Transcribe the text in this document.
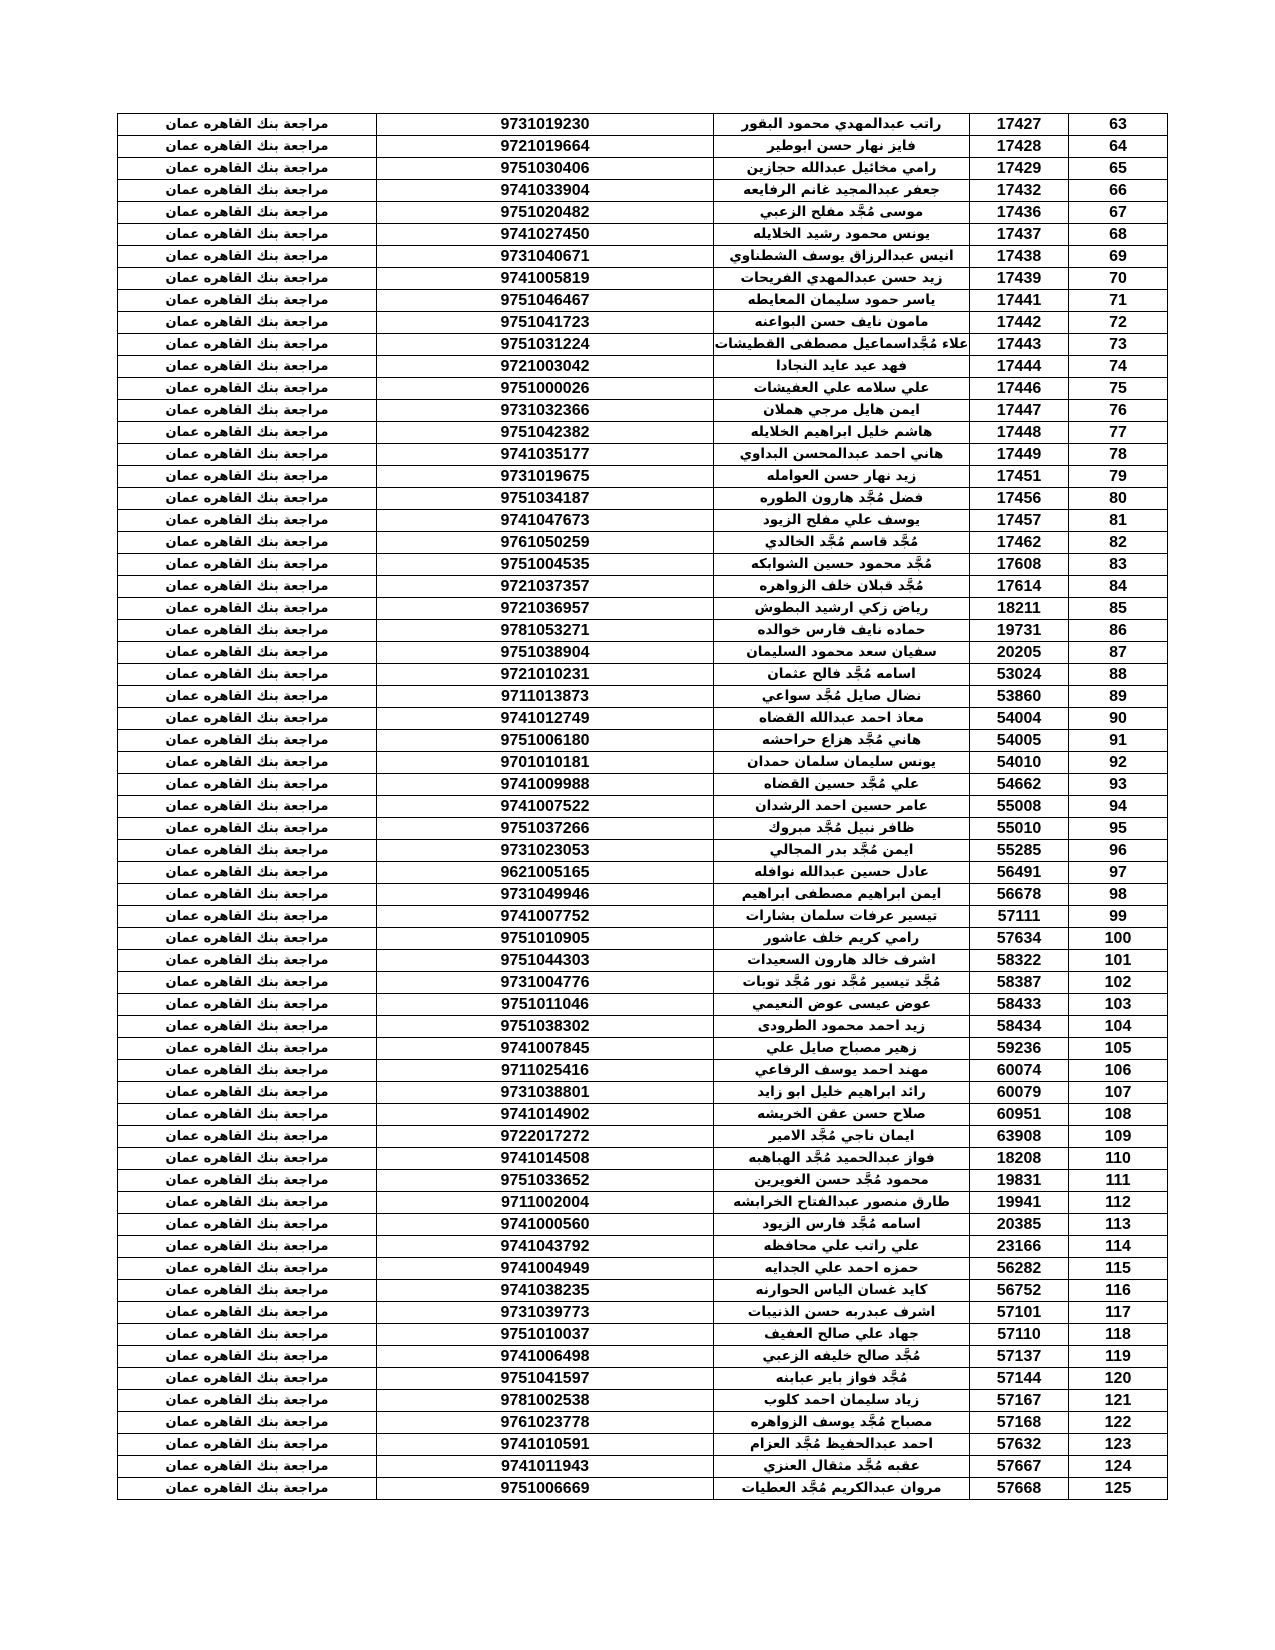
63	17427	راتب عبدالمهدي محمود البقور	9731019230	مراجعة بنك القاهره عمان
64	17428	فايز نهار حسن ابوطير	9721019664	مراجعة بنك القاهره عمان
65	17429	رامي مخائيل عبدالله حجازين	9751030406	مراجعة بنك القاهره عمان
66	17432	جعفر عبدالمجيد غانم الرفايعه	9741033904	مراجعة بنك القاهره عمان
67	17436	موسى مُجَّد مفلح الزعبي	9751020482	مراجعة بنك القاهره عمان
68	17437	يونس محمود رشيد الخلايله	9741027450	مراجعة بنك القاهره عمان
69	17438	انيس عبدالرزاق يوسف الشطناوي	9731040671	مراجعة بنك القاهره عمان
70	17439	زيد حسن عبدالمهدي الفريحات	9741005819	مراجعة بنك القاهره عمان
71	17441	ياسر حمود سليمان المعايطه	9751046467	مراجعة بنك القاهره عمان
72	17442	مامون نايف حسن البواعنه	9751041723	مراجعة بنك القاهره عمان
73	17443	علاء مُجَّداسماعيل مصطفى القطيشات	9751031224	مراجعة بنك القاهره عمان
74	17444	فهد عيد عايد النجادا	9721003042	مراجعة بنك القاهره عمان
75	17446	علي سلامه علي العفيشات	9751000026	مراجعة بنك القاهره عمان
76	17447	ايمن هايل مرجي هملان	9731032366	مراجعة بنك القاهره عمان
77	17448	هاشم خليل ابراهيم الخلايله	9751042382	مراجعة بنك القاهره عمان
78	17449	هاني احمد عبدالمحسن البداوي	9741035177	مراجعة بنك القاهره عمان
79	17451	زيد نهار حسن العوامله	9731019675	مراجعة بنك القاهره عمان
80	17456	فضل مُجَّد هارون الطوره	9751034187	مراجعة بنك القاهره عمان
81	17457	يوسف علي مفلح الزيود	9741047673	مراجعة بنك القاهره عمان
82	17462	مُجَّد قاسم مُجَّد الخالدي	9761050259	مراجعة بنك القاهره عمان
83	17608	مُجَّد محمود حسين الشوابكه	9751004535	مراجعة بنك القاهره عمان
84	17614	مُجَّد قبلان خلف الزواهره	9721037357	مراجعة بنك القاهره عمان
85	18211	رياض زكي ارشيد البطوش	9721036957	مراجعة بنك القاهره عمان
86	19731	حماده نايف فارس خوالده	9781053271	مراجعة بنك القاهره عمان
87	20205	سفيان سعد محمود السليمان	9751038904	مراجعة بنك القاهره عمان
88	53024	اسامه مُجَّد فالح عثمان	9721010231	مراجعة بنك القاهره عمان
89	53860	نضال صايل مُجَّد سواعي	9711013873	مراجعة بنك القاهره عمان
90	54004	معاذ احمد عبدالله القضاه	9741012749	مراجعة بنك القاهره عمان
91	54005	هاني مُجَّد هزاع حراحشه	9751006180	مراجعة بنك القاهره عمان
92	54010	يونس سليمان سلمان حمدان	9701010181	مراجعة بنك القاهره عمان
93	54662	علي مُجَّد حسين القضاه	9741009988	مراجعة بنك القاهره عمان
94	55008	عامر حسين احمد الرشدان	9741007522	مراجعة بنك القاهره عمان
95	55010	ظافر نبيل مُجَّد مبروك	9751037266	مراجعة بنك القاهره عمان
96	55285	ايمن مُجَّد بدر المجالي	9731023053	مراجعة بنك القاهره عمان
97	56491	عادل حسين عبدالله نوافله	9621005165	مراجعة بنك القاهره عمان
98	56678	ايمن ابراهيم مصطفى ابراهيم	9731049946	مراجعة بنك القاهره عمان
99	57111	تيسير عرفات سلمان بشارات	9741007752	مراجعة بنك القاهره عمان
100	57634	رامي كريم خلف عاشور	9751010905	مراجعة بنك القاهره عمان
101	58322	اشرف خالد هارون السعيدات	9751044303	مراجعة بنك القاهره عمان
102	58387	مُجَّد تيسير مُجَّد نور مُجَّد توبات	9731004776	مراجعة بنك القاهره عمان
103	58433	عوض عيسى عوض النعيمي	9751011046	مراجعة بنك القاهره عمان
104	58434	زيد احمد محمود الطرودى	9751038302	مراجعة بنك القاهره عمان
105	59236	زهير مصباح صايل علي	9741007845	مراجعة بنك القاهره عمان
106	60074	مهند احمد يوسف الرفاعي	9711025416	مراجعة بنك القاهره عمان
107	60079	رائد ابراهيم خليل ابو زايد	9731038801	مراجعة بنك القاهره عمان
108	60951	صلاح حسن عقن الخريشه	9741014902	مراجعة بنك القاهره عمان
109	63908	ايمان ناجي مُجَّد الامير	9722017272	مراجعة بنك القاهره عمان
110	18208	فواز عبدالحميد مُجَّد الهباهبه	9741014508	مراجعة بنك القاهره عمان
111	19831	محمود مُجَّد حسن الغويرين	9751033652	مراجعة بنك القاهره عمان
112	19941	طارق منصور عبدالفتاح الخرابشه	9711002004	مراجعة بنك القاهره عمان
113	20385	اسامه مُجَّد فارس الزيود	9741000560	مراجعة بنك القاهره عمان
114	23166	علي راتب علي محافظه	9741043792	مراجعة بنك القاهره عمان
115	56282	حمزه احمد علي الجدايه	9741004949	مراجعة بنك القاهره عمان
116	56752	كايد غسان الياس الحوارنه	9741038235	مراجعة بنك القاهره عمان
117	57101	اشرف عبدربه حسن الذنيبات	9731039773	مراجعة بنك القاهره عمان
118	57110	جهاد علي صالح العفيف	9751010037	مراجعة بنك القاهره عمان
119	57137	مُجَّد صالح خليفه الزعبي	9741006498	مراجعة بنك القاهره عمان
120	57144	مُجَّد فواز باير عبابنه	9751041597	مراجعة بنك القاهره عمان
121	57167	زياد سليمان احمد كلوب	9781002538	مراجعة بنك القاهره عمان
122	57168	مصباح مُجَّد يوسف الزواهره	9761023778	مراجعة بنك القاهره عمان
123	57632	احمد عبدالحفيظ مُجَّد العزام	9741010591	مراجعة بنك القاهره عمان
124	57667	عقبه مُجَّد مثقال العنزي	9741011943	مراجعة بنك القاهره عمان
125	57668	مروان عبدالكريم مُجَّد العطيات	9751006669	مراجعة بنك القاهره عمان
